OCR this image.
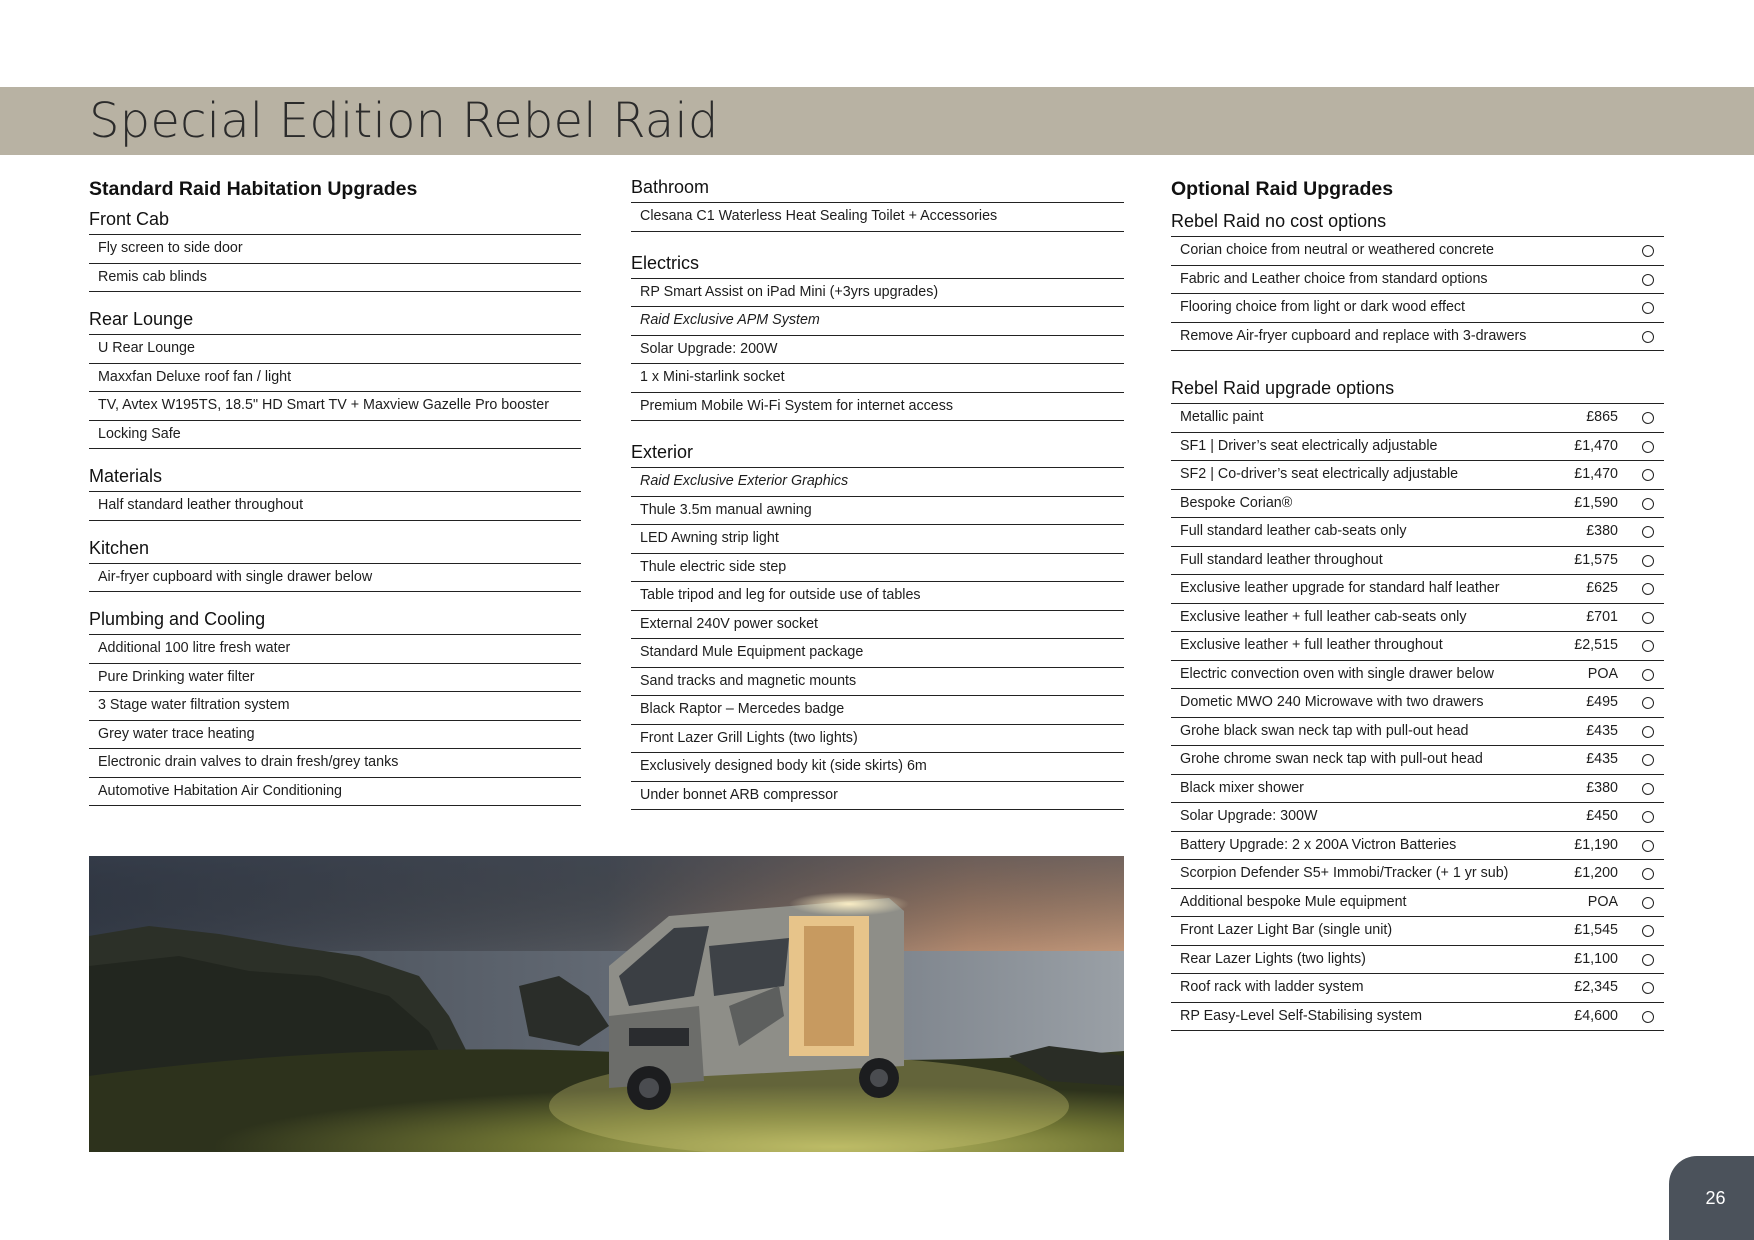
Special Edition Rebel Raid
Standard Raid Habitation Upgrades
Front Cab
Fly screen to side door
Remis cab blinds
Rear Lounge
U Rear Lounge
Maxxfan Deluxe roof fan / light
TV, Avtex W195TS, 18.5" HD Smart TV + Maxview Gazelle Pro booster
Locking Safe
Materials
Half standard leather throughout
Kitchen
Air-fryer cupboard with single drawer below
Plumbing and Cooling
Additional 100 litre fresh water
Pure Drinking water filter
3 Stage water filtration system
Grey water trace heating
Electronic drain valves to drain fresh/grey tanks
Automotive Habitation Air Conditioning
Bathroom
Clesana C1 Waterless Heat Sealing Toilet + Accessories
Electrics
RP Smart Assist on iPad Mini (+3yrs upgrades)
Raid Exclusive APM System
Solar Upgrade: 200W
1 x Mini-starlink socket
Premium Mobile Wi-Fi System for internet access
Exterior
Raid Exclusive Exterior Graphics
Thule 3.5m manual awning
LED Awning strip light
Thule electric side step
Table tripod and leg for outside use of tables
External 240V power socket
Standard Mule Equipment package
Sand tracks and magnetic mounts
Black Raptor – Mercedes badge
Front Lazer Grill Lights (two lights)
Exclusively designed body kit (side skirts) 6m
Under bonnet ARB compressor
Optional Raid Upgrades
Rebel Raid no cost options
Corian choice from neutral or weathered concrete
Fabric and Leather choice from standard options
Flooring choice from light or dark wood effect
Remove Air-fryer cupboard and replace with 3-drawers
Rebel Raid upgrade options
Metallic paint	£865
SF1 | Driver’s seat electrically adjustable	£1,470
SF2 | Co-driver’s seat electrically adjustable	£1,470
Bespoke Corian®	£1,590
Full standard leather cab-seats only	£380
Full standard leather throughout	£1,575
Exclusive leather upgrade for standard half leather	£625
Exclusive leather + full leather cab-seats only	£701
Exclusive leather + full leather throughout	£2,515
Electric convection oven with single drawer below	POA
Dometic MWO 240 Microwave with two drawers	£495
Grohe black swan neck tap with pull-out head	£435
Grohe chrome swan neck tap with pull-out head	£435
Black mixer shower	£380
Solar Upgrade: 300W	£450
Battery Upgrade: 2 x 200A Victron Batteries	£1,190
Scorpion Defender S5+ Immobi/Tracker (+ 1 yr sub)	£1,200
Additional bespoke Mule equipment	POA
Front Lazer Light Bar (single unit)	£1,545
Rear Lazer Lights (two lights)	£1,100
Roof rack with ladder system	£2,345
RP Easy-Level Self-Stabilising system	£4,600
26
